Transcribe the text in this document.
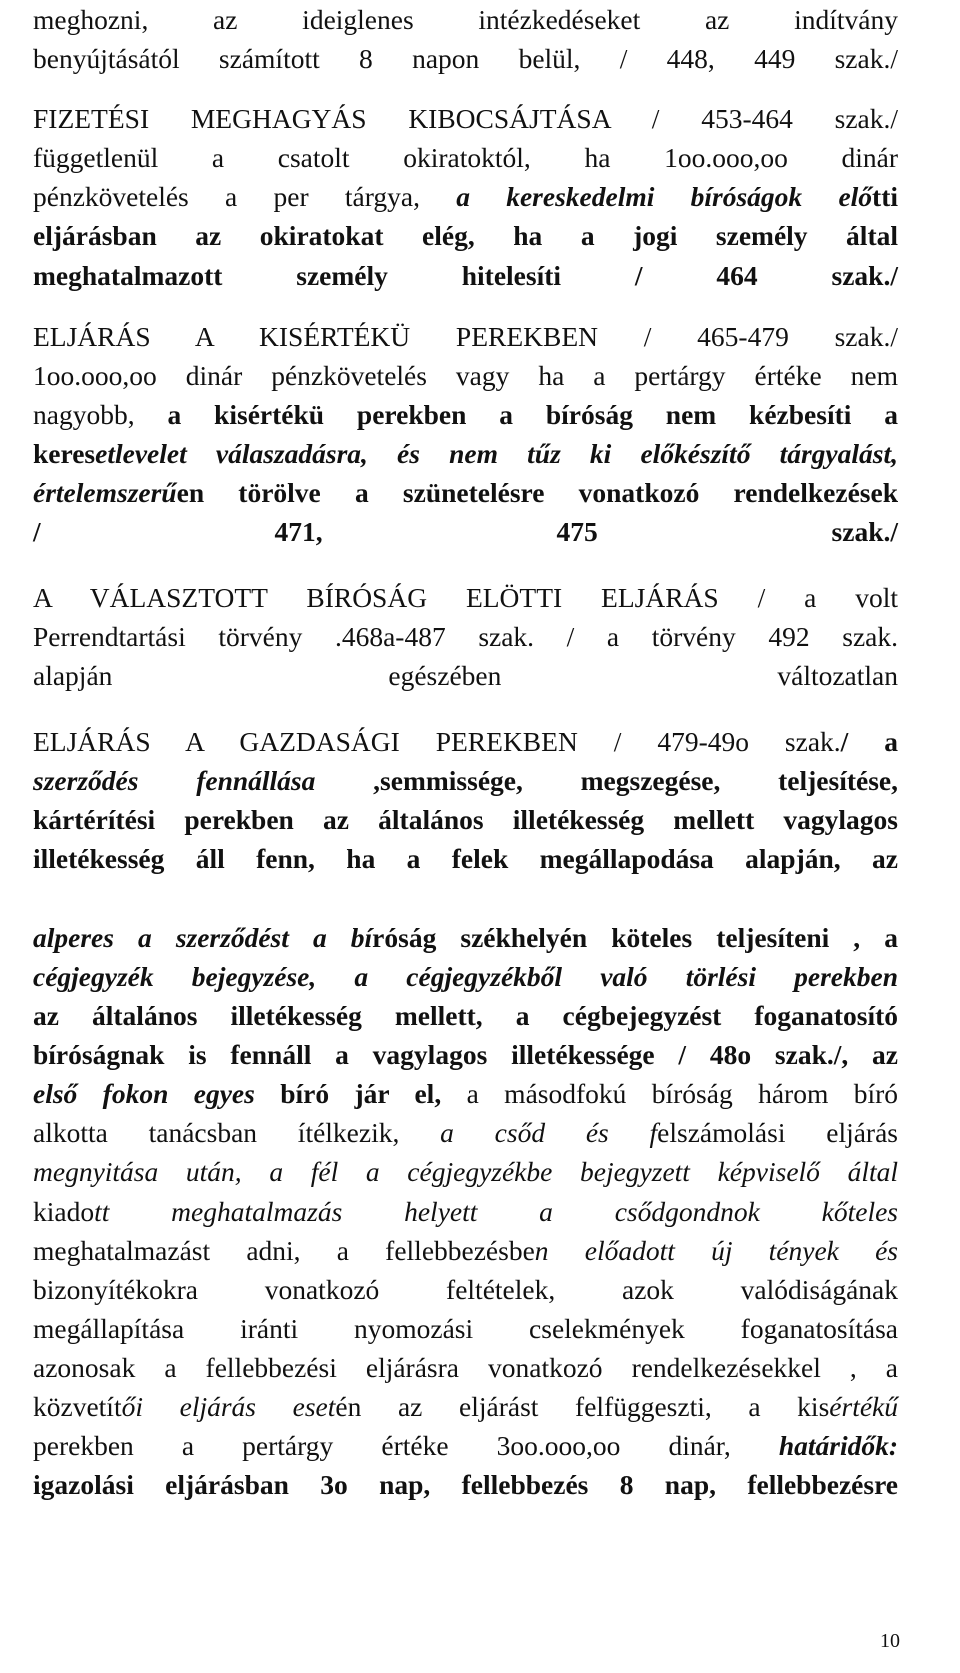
meghozni, az ideiglenes intézkedéseket az indítvány
benyújtásától számított 8 napon belül, / 448, 449 szak./

FIZETÉSI MEGHAGYÁS KIBOCSÁJTÁSA / 453-464 szak./
függetlenül a csatolt okiratoktól, ha 1oo.ooo,oo dinár
pénzkövetelés a per tárgya, a kereskedelmi bíróságok előtti
eljárásban az okiratokat elég, ha a jogi személy által
meghatalmazott személy hitelesíti / 464 szak./

ELJÁRÁS A KISÉRTÉKÜ PEREKBEN / 465-479 szak./
1oo.ooo,oo dinár pénzkövetelés vagy ha a pertárgy értéke nem
nagyobb, a kisértékü perekben a bíróság nem kézbesíti a
keresetlevelet válaszadásra, és nem tűz ki előkészítő tárgyalást,
értelemszerűen törölve a szünetelésre vonatkozó rendelkezések
/ 471, 475 szak./

A VÁLASZTOTT BÍRÓSÁG ELÖTTI ELJÁRÁS / a volt
Perrendtartási törvény .468a-487 szak. / a törvény 492 szak.
alapján egészében változatlan

ELJÁRÁS A GAZDASÁGI PEREKBEN / 479-49o szak./ a
szerződés fennállása ,semmissége, megszegése, teljesítése,
kártérítési perekben az általános illetékesség mellett vagylagos
illetékesség áll fenn, ha a felek megállapodása alapján, az

alperes a szerződést a bíróság székhelyén köteles teljesíteni , a
cégjegyzék bejegyzése, a cégjegyzékből való törlési perekben
az általános illetékesség mellett, a cégbejegyzést foganatosító
bíróságnak is fennáll a vagylagos illetékessége / 48o szak./, az
első fokon egyes bíró jár el, a másodfokú bíróság három bíró
alkotta tanácsban ítélkezik, a csőd és felszámolási eljárás
megnyitása után, a fél a cégjegyzékbe bejegyzett képviselő által
kiadott meghatalmazás helyett a csődgondnok kőteles
meghatalmazást adni, a fellebbezésben előadott új tények és
bizonyítékokra vonatkozó feltételek, azok valódiságának
megállapítása iránti nyomozási cselekmények foganatosítása
azonosak a fellebbezési eljárásra vonatkozó rendelkezésekkel , a
közvetítői eljárás esetén az eljárást felfüggeszti, a kisértékű
perekben a pertárgy értéke 3oo.ooo,oo dinár, határidők:
igazolási eljárásban 3o nap, fellebbezés 8 nap, fellebbezésre

10
